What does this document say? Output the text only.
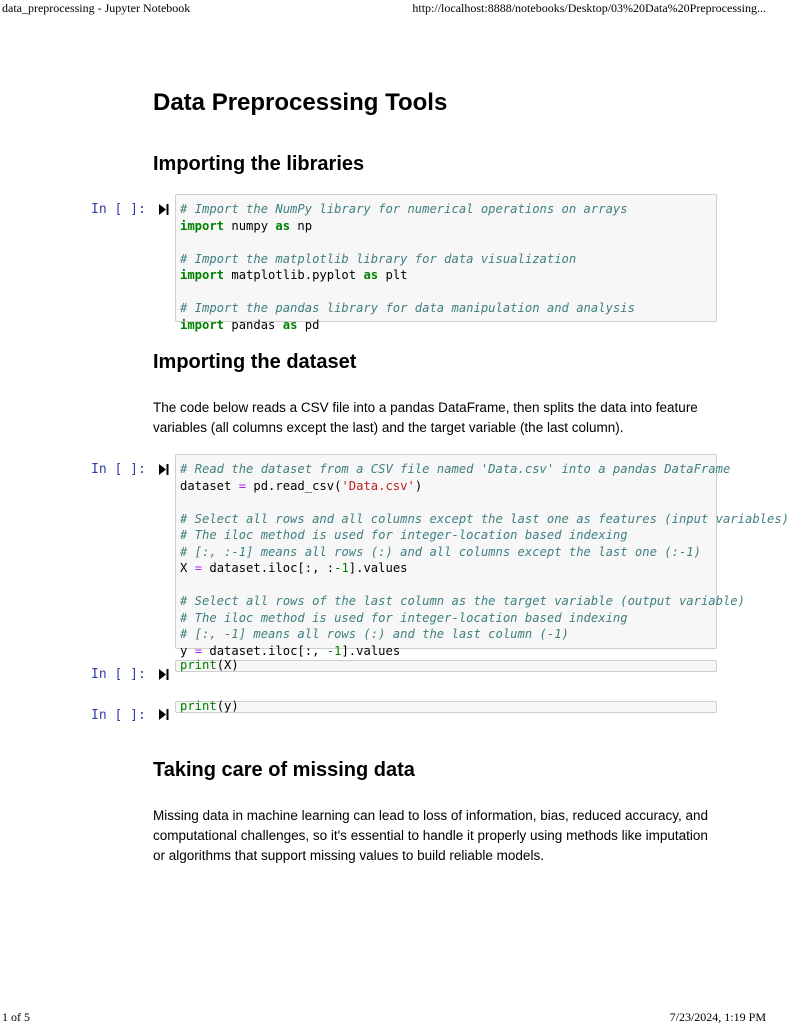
data_preprocessing - Jupyter Notebook	http://localhost:8888/notebooks/Desktop/03%20Data%20Preprocessing...
Data Preprocessing Tools
Importing the libraries
In [ ]:	# Import the NumPy library for numerical operations on arrays
import numpy as np
# Import the matplotlib library for data visualization
import matplotlib.pyplot as plt
# Import the pandas library for data manipulation and analysis
import pandas as pd
Importing the dataset

The code below reads a CSV file into a pandas DataFrame, then splits the data into feature variables (all columns except the last) and the target variable (the last column).

In [ ]:	# Read the dataset from a CSV file named 'Data.csv' into a pandas DataFrame
dataset = pd.read_csv('Data.csv')
# Select all rows and all columns except the last one as features (input variables)
# The iloc method is used for integer-location based indexing
# [:, :-1] means all rows (:) and all columns except the last one (:-1)
X = dataset.iloc[:, :-1].values
# Select all rows of the last column as the target variable (output variable)
# The iloc method is used for integer-location based indexing
# [:, -1] means all rows (:) and the last column (-1)
y = dataset.iloc[:, -1].values
In [ ]:
print(X)
In [ ]:
print(y)
Taking care of missing data

Missing data in machine learning can lead to loss of information, bias, reduced accuracy, and computational challenges, so it's essential to handle it properly using methods like imputation or algorithms that support missing values to build reliable models.

1 of 5	7/23/2024, 1:19 PM
